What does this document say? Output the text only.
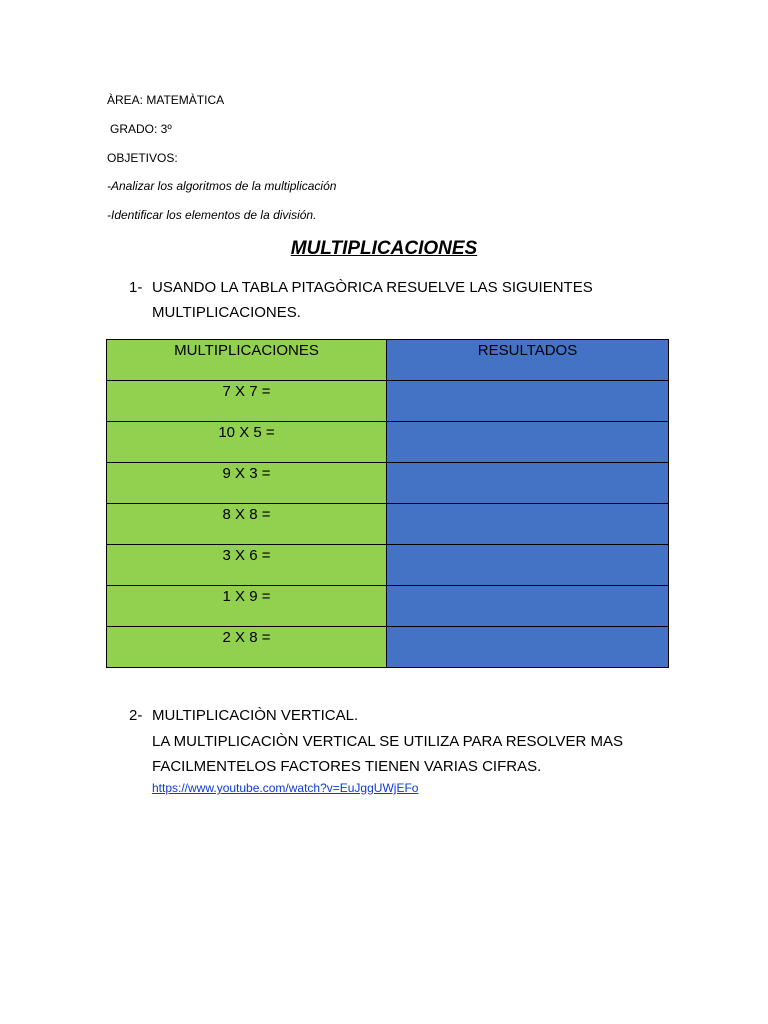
ÀREA: MATEMÀTICA
GRADO: 3º
OBJETIVOS:
-Analizar los algoritmos de la multiplicación
-Identificar los elementos de la división.
MULTIPLICACIONES
1- USANDO LA TABLA PITAGÒRICA RESUELVE LAS SIGUIENTES
MULTIPLICACIONES.
MULTIPLICACIONES	RESULTADOS
7 X 7 =	
10 X 5 =	
9 X 3 =	
8 X 8 =	
3 X 6 =	
1 X 9 =	
2 X 8 =	
2- MULTIPLICACIÒN VERTICAL.
LA MULTIPLICACIÒN VERTICAL SE UTILIZA PARA RESOLVER MAS
FACILMENTELOS FACTORES TIENEN VARIAS CIFRAS.
https://www.youtube.com/watch?v=EuJggUWjEFo
